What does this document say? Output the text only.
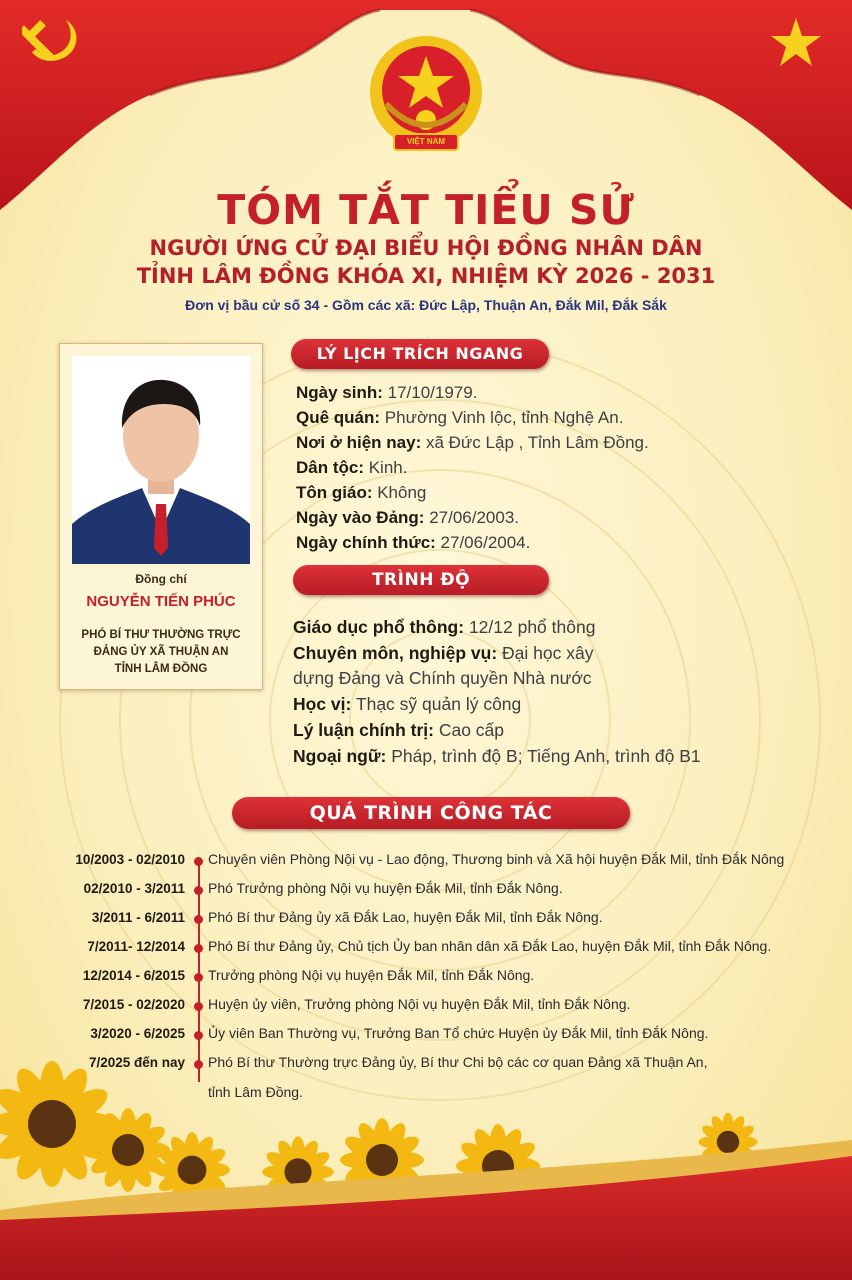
VIỆT NAM
TÓM TẮT TIỂU SỬ
NGƯỜI ỨNG CỬ ĐẠI BIỂU HỘI ĐỒNG NHÂN DÂN
TỈNH LÂM ĐỒNG KHÓA XI, NHIỆM KỲ 2026 - 2031
Đơn vị bầu cử số 34 - Gồm các xã: Đức Lập, Thuận An, Đắk Mil, Đắk Sắk
Đồng chí
NGUYỄN TIẾN PHÚC
PHÓ BÍ THƯ THƯỜNG TRỰC
ĐẢNG ỦY XÃ THUẬN AN
TỈNH LÂM ĐỒNG
LÝ LỊCH TRÍCH NGANG
Ngày sinh: 17/10/1979.
Quê quán: Phường Vinh lộc, tỉnh Nghệ An.
Nơi ở hiện nay: xã Đức Lập , Tỉnh Lâm Đồng.
Dân tộc: Kinh.
Tôn giáo: Không
Ngày vào Đảng: 27/06/2003.
Ngày chính thức: 27/06/2004.
TRÌNH ĐỘ
Giáo dục phổ thông: 12/12 phổ thông
Chuyên môn, nghiệp vụ: Đại học xây
dựng Đảng và Chính quyền Nhà nước
Học vị: Thạc sỹ quản lý công
Lý luận chính trị: Cao cấp
Ngoại ngữ: Pháp, trình độ B; Tiếng Anh, trình độ B1
QUÁ TRÌNH CÔNG TÁC
10/2003 - 02/2010 Chuyên viên Phòng Nội vụ - Lao động, Thương binh và Xã hội huyện Đắk Mil, tỉnh Đắk Nông
02/2010 - 3/2011 Phó Trưởng phòng Nội vụ huyện Đắk Mil, tỉnh Đắk Nông.
3/2011 - 6/2011 Phó Bí thư Đảng ủy xã Đắk Lao, huyện Đắk Mil, tỉnh Đắk Nông.
7/2011- 12/2014 Phó Bí thư Đảng ủy, Chủ tịch Ủy ban nhân dân xã Đắk Lao, huyện Đắk Mil, tỉnh Đắk Nông.
12/2014 - 6/2015 Trưởng phòng Nội vụ huyện Đắk Mil, tỉnh Đắk Nông.
7/2015 - 02/2020 Huyện ủy viên, Trưởng phòng Nội vụ huyện Đắk Mil, tỉnh Đắk Nông.
3/2020 - 6/2025 Ủy viên Ban Thường vụ, Trưởng Ban Tổ chức Huyện ủy Đắk Mil, tỉnh Đắk Nông.
7/2025 đến nay Phó Bí thư Thường trực Đảng ủy, Bí thư Chi bộ các cơ quan Đảng xã Thuận An,
tỉnh Lâm Đồng.
